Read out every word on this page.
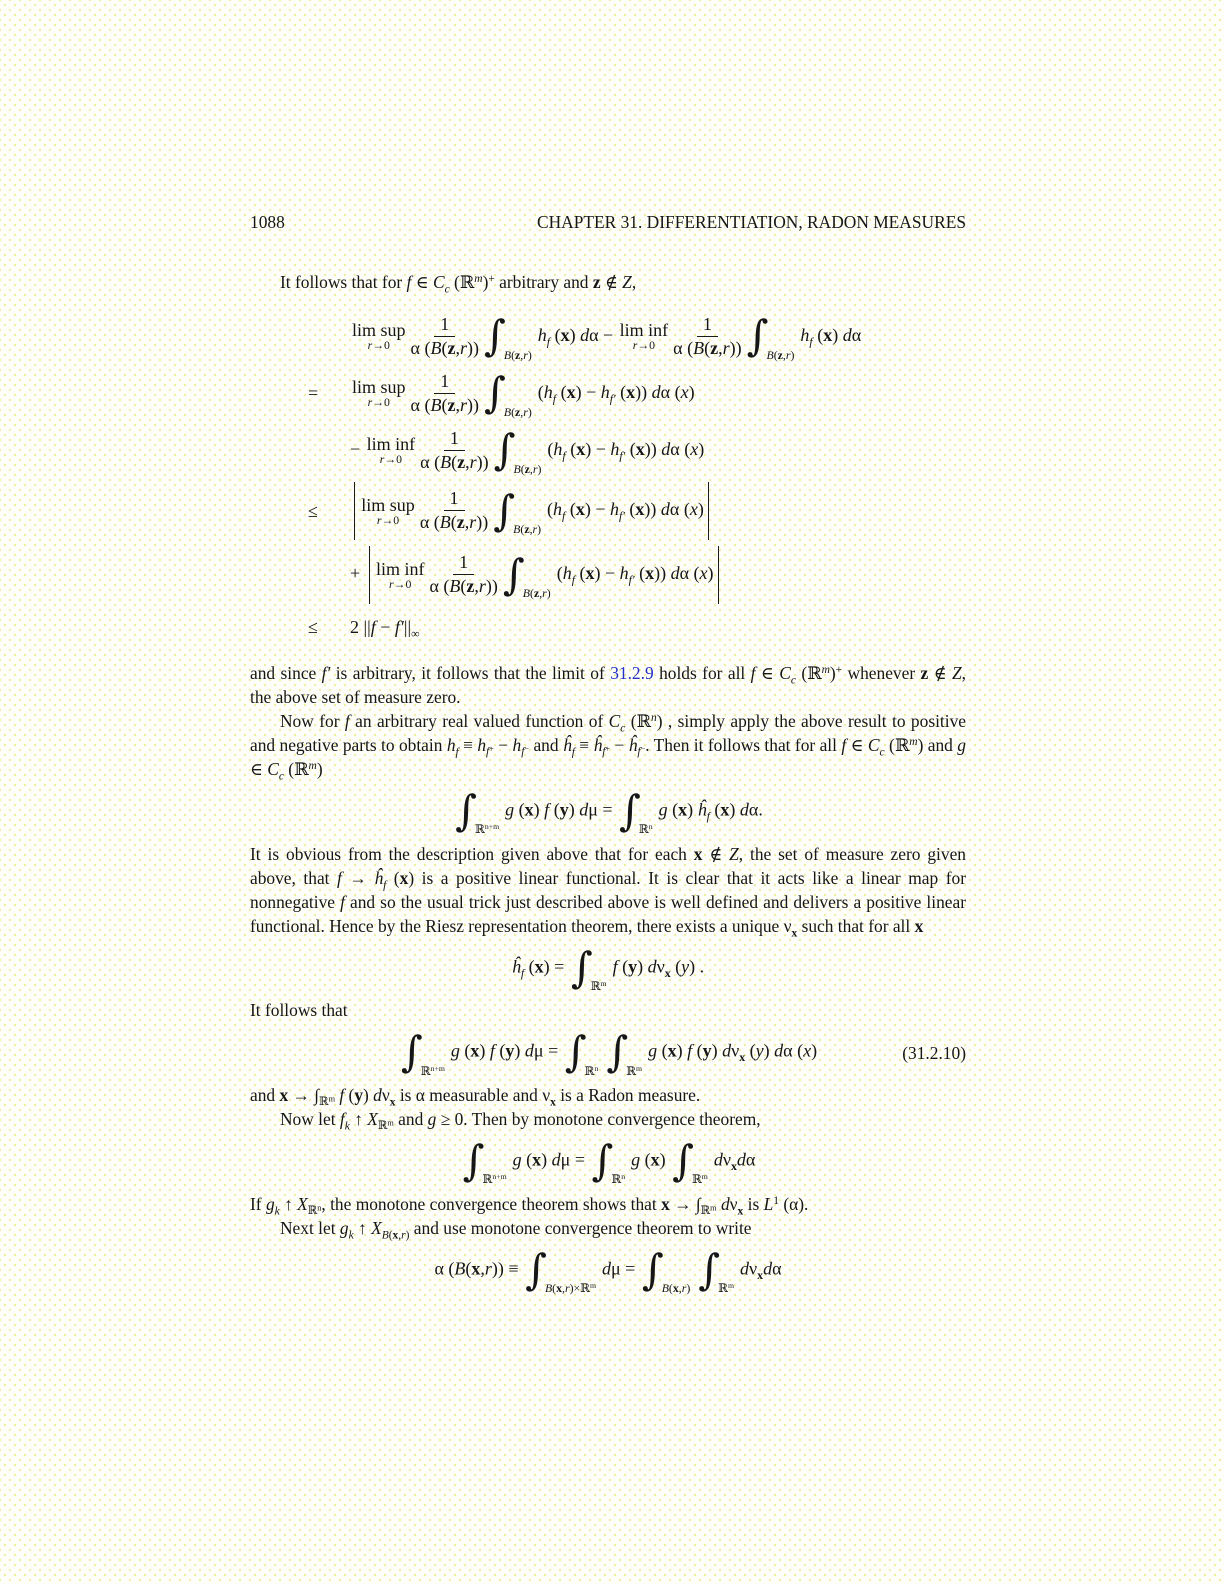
1088	CHAPTER 31. DIFFERENTIATION, RADON MEASURES

It follows that for f ∈ $C_c$ (ℝ$^m$)+ arbitrary and z ∉ Z,

lim sup
$r\to 0 \frac{1}{\alpha (B(z,r))}$ ∫
B(z,r)
$h_f$ (x) dα − lim inf
$r\to 0 \frac{1}{\alpha (B(z,r))}$ ∫
B(z,r)
$h_f$ (x) dα
=	lim sup
$r\to 0 \frac{1}{\alpha (B(z,r))}$ ∫
B(z,r)
($h_f$ $(x) - h_{f'}$ (x)) dα (x)
− lim inf
$r\to 0 \frac{1}{\alpha (B(z,r))}$ ∫
B(z,r)
($h_f$ $(x) - h_{f'}$ (x)) dα (x)
≤	lim sup
$r\to 0 \frac{1}{\alpha (B(z,r))}$ ∫
B(z,r)
($h_f$ $(x) - h_{f'}$ (x)) dα (x)
+ lim inf
$r\to 0 \frac{1}{\alpha (B(z,r))}$ ∫
B(z,r)
($h_f$ $(x) - h_{f'}$ (x)) dα (x)
≤	2 $||f - f'||_\infty$

and since f′ is arbitrary, it follows that the limit of 31.2.9 holds for all f ∈ $C_c$ (ℝ$^m$)+ whenever z ∉ Z, the above set of measure zero.

Now for f an arbitrary real valued function of $C_c$ (ℝ$^n$) , simply apply the above result to positive and negative parts to obtain $h_f \equiv h_{f^+} - h_{f^-}$ and $ĥ_f$ ≡ $ĥ_{f^+}$ − $ĥ_{f^-}$. Then it follows that for all f ∈ $C_c$ (ℝ$^m$) and g ∈ $C_c$ (ℝ$^m$)

∫
ℝ$^{n+m}$
g (x) f (y) dμ = ∫
ℝ$^n$
g (x) $ĥ_f$ (x) dα.

It is obvious from the description given above that for each x ∉ Z, the set of measure zero given above, that $f \to ĥ_f$ (x) is a positive linear functional. It is clear that it acts like a linear map for nonnegative f and so the usual trick just described above is well defined and delivers a positive linear functional. Hence by the Riesz representation theorem, there exists a unique $\nu_x$ such that for all x

$ĥ_f$ (x) = ∫
ℝ$^m$
f (y) $d\nu_x$ (y) .

It follows that

∫
ℝ$^{n+m}$
g (x) f (y) dμ = ∫
ℝ$^n$ ∫
ℝ$^m$
g (x) f (y) $d\nu_x$ (y) dα (x)	(31.2.10)

and $x \to \int_{ℝ^m}$ f (y) $d\nu_x$ is α measurable and $\nu_x$ is a Radon measure.

Now let $f_k$ ↑ $X_{ℝ^m}$ and g ≥ 0. Then by monotone convergence theorem,

∫
ℝ$^{n+m}$
g (x) dμ = ∫
ℝ$^n$
g (x) ∫
ℝ$^m$
$d\nu_xd\alpha$

If $g_k$ ↑ $X_{ℝ^n}$, the monotone convergence theorem shows that $x \to \int_{ℝ^m}$ $d\nu_x$ is $L^1$ (α).

Next let $g_k$ ↑ $X_{B(x,r)}$ and use monotone convergence theorem to write

α (B(x,r)) ≡ ∫
B(x,r)×ℝ$^m$
dμ = ∫
B(x,r) ∫
ℝ$^m$
$d\nu_xd\alpha$
